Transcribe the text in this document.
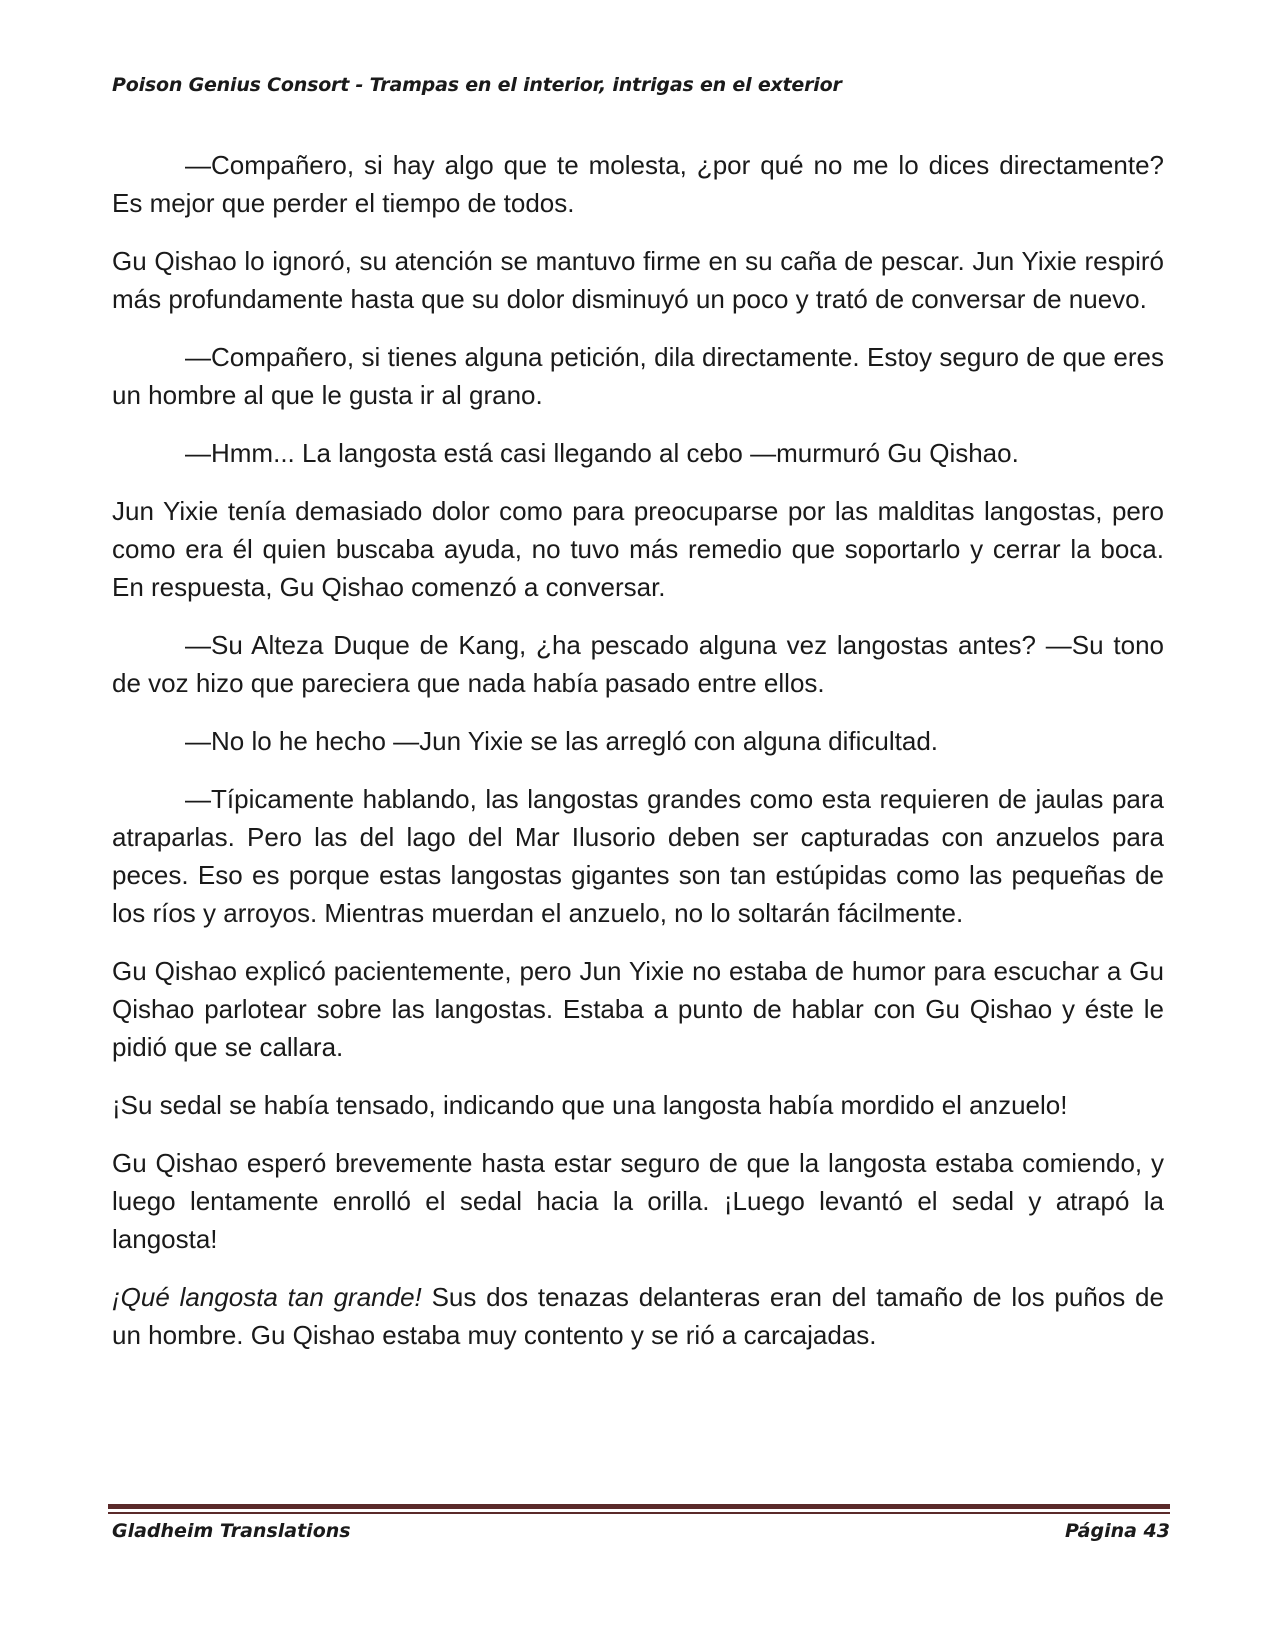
Poison Genius Consort - Trampas en el interior, intrigas en el exterior

—Compañero, si hay algo que te molesta, ¿por qué no me lo dices directamente? Es mejor que perder el tiempo de todos.

Gu Qishao lo ignoró, su atención se mantuvo firme en su caña de pescar. Jun Yixie respiró más profundamente hasta que su dolor disminuyó un poco y trató de conversar de nuevo.

—Compañero, si tienes alguna petición, dila directamente. Estoy seguro de que eres un hombre al que le gusta ir al grano.

—Hmm... La langosta está casi llegando al cebo —murmuró Gu Qishao.

Jun Yixie tenía demasiado dolor como para preocuparse por las malditas langostas, pero como era él quien buscaba ayuda, no tuvo más remedio que soportarlo y cerrar la boca. En respuesta, Gu Qishao comenzó a conversar.

—Su Alteza Duque de Kang, ¿ha pescado alguna vez langostas antes? —Su tono de voz hizo que pareciera que nada había pasado entre ellos.

—No lo he hecho —Jun Yixie se las arregló con alguna dificultad.

—Típicamente hablando, las langostas grandes como esta requieren de jaulas para atraparlas. Pero las del lago del Mar Ilusorio deben ser capturadas con anzuelos para peces. Eso es porque estas langostas gigantes son tan estúpidas como las pequeñas de los ríos y arroyos. Mientras muerdan el anzuelo, no lo soltarán fácilmente.

Gu Qishao explicó pacientemente, pero Jun Yixie no estaba de humor para escuchar a Gu Qishao parlotear sobre las langostas. Estaba a punto de hablar con Gu Qishao y éste le pidió que se callara.

¡Su sedal se había tensado, indicando que una langosta había mordido el anzuelo!

Gu Qishao esperó brevemente hasta estar seguro de que la langosta estaba comiendo, y luego lentamente enrolló el sedal hacia la orilla. ¡Luego levantó el sedal y atrapó la langosta!

¡Qué langosta tan grande! Sus dos tenazas delanteras eran del tamaño de los puños de un hombre. Gu Qishao estaba muy contento y se rió a carcajadas.

Gladheim Translations	Página 43
